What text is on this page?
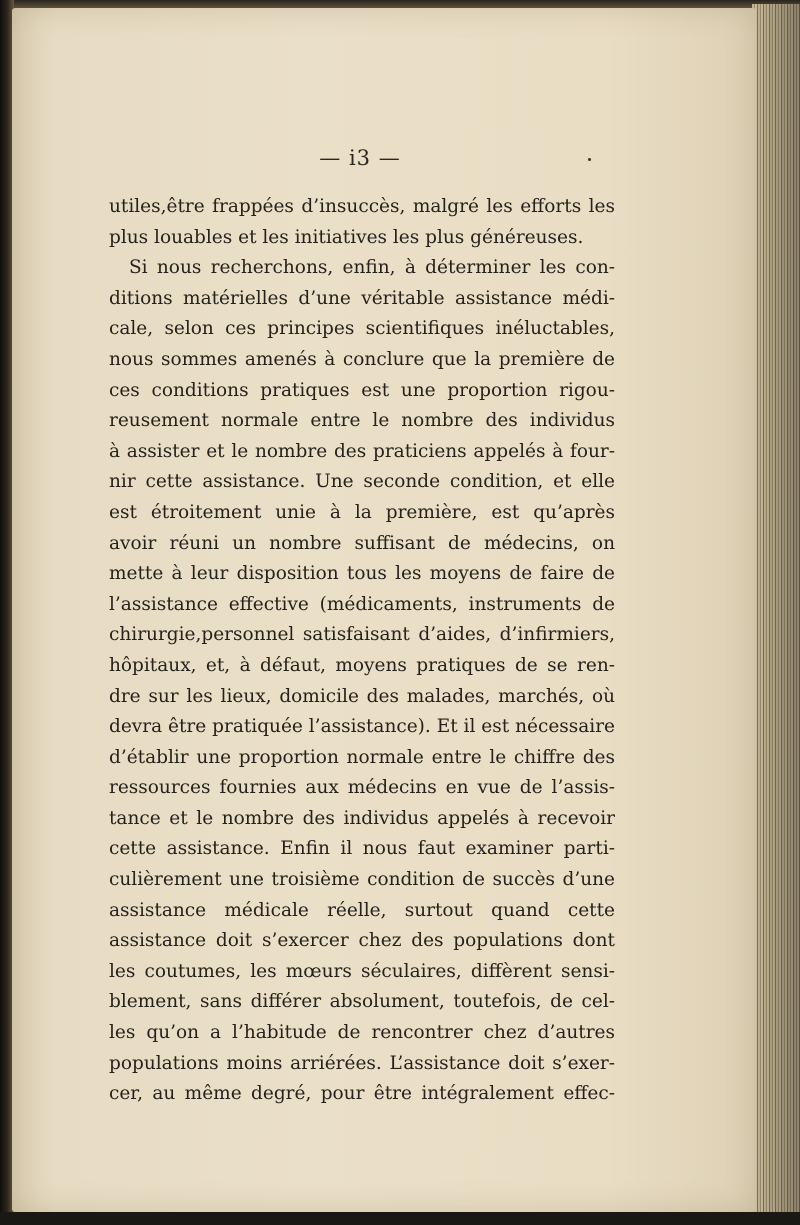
— i3 —
utiles,être frappées d’insuccès, malgré les efforts les
plus louables et les initiatives les plus généreuses.
Si nous recherchons, enfin, à déterminer les con-
ditions matérielles d’une véritable assistance médi-
cale, selon ces principes scientifiques inéluctables,
nous sommes amenés à conclure que la première de
ces conditions pratiques est une proportion rigou-
reusement normale entre le nombre des individus
à assister et le nombre des praticiens appelés à four-
nir cette assistance. Une seconde condition, et elle
est étroitement unie à la première, est qu’après
avoir réuni un nombre suffisant de médecins, on
mette à leur disposition tous les moyens de faire de
l’assistance effective (médicaments, instruments de
chirurgie,personnel satisfaisant d’aides, d’infirmiers,
hôpitaux, et, à défaut, moyens pratiques de se ren-
dre sur les lieux, domicile des malades, marchés, où
devra être pratiquée l’assistance). Et il est nécessaire
d’établir une proportion normale entre le chiffre des
ressources fournies aux médecins en vue de l’assis-
tance et le nombre des individus appelés à recevoir
cette assistance. Enfin il nous faut examiner parti-
culièrement une troisième condition de succès d’une
assistance médicale réelle, surtout quand cette
assistance doit s’exercer chez des populations dont
les coutumes, les mœurs séculaires, diffèrent sensi-
blement, sans différer absolument, toutefois, de cel-
les qu’on a l’habitude de rencontrer chez d’autres
populations moins arriérées. L’assistance doit s’exer-
cer, au même degré, pour être intégralement effec-
